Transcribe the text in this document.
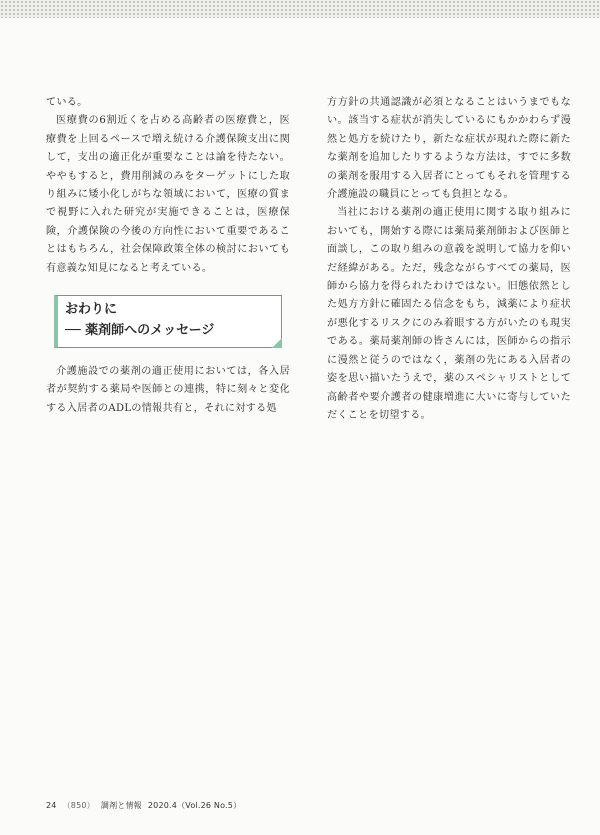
ている。

医療費の6割近くを占める高齢者の医療費と，医療費を上回るペースで増え続ける介護保険支出に関して，支出の適正化が重要なことは論を待たない。ややもすると，費用削減のみをターゲットにした取り組みに矮小化しがちな領域において，医療の質まで視野に入れた研究が実施できることは，医療保険，介護保険の今後の方向性において重要であることはもちろん，社会保障政策全体の検討においても有意義な知見になると考えている。

おわりに
── 薬剤師へのメッセージ

介護施設での薬剤の適正使用においては，各入居者が契約する薬局や医師との連携，特に刻々と変化する入居者のADLの情報共有と，それに対する処

方方針の共通認識が必須となることはいうまでもない。該当する症状が消失しているにもかかわらず漫然と処方を続けたり，新たな症状が現れた際に新たな薬剤を追加したりするような方法は，すでに多数の薬剤を服用する入居者にとってもそれを管理する介護施設の職員にとっても負担となる。

当社における薬剤の適正使用に関する取り組みにおいても，開始する際には薬局薬剤師および医師と面談し，この取り組みの意義を説明して協力を仰いだ経緯がある。ただ，残念ながらすべての薬局，医師から協力を得られたわけではない。旧態依然とした処方方針に確固たる信念をもち，減薬により症状が悪化するリスクにのみ着眼する方がいたのも現実である。薬局薬剤師の皆さんには，医師からの指示に漫然と従うのではなく，薬剤の先にある入居者の姿を思い描いたうえで，薬のスペシャリストとして高齢者や要介護者の健康増進に大いに寄与していただくことを切望する。

24 （850） 調剤と情報 2020.4（Vol.26 No.5）
